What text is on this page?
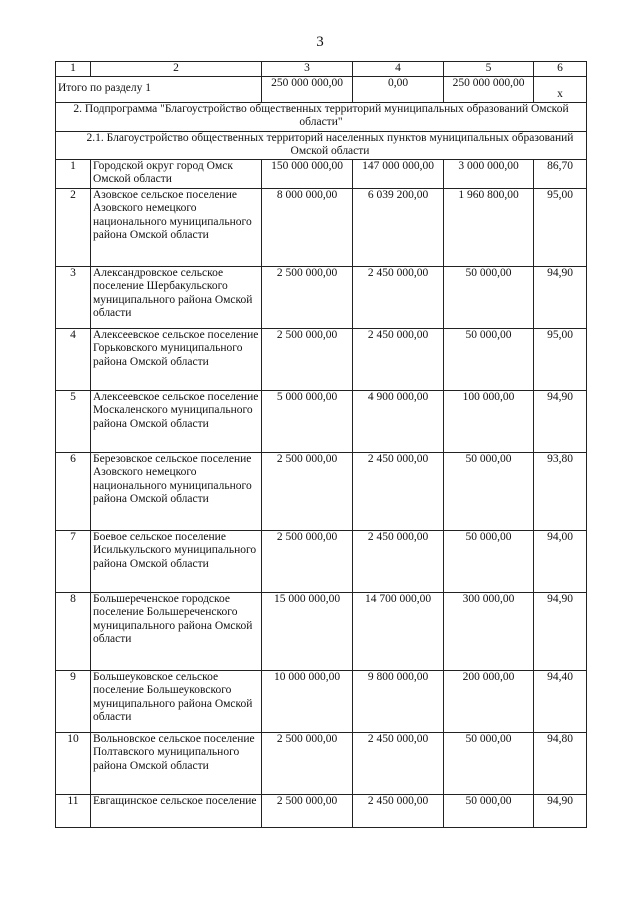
3
1	2	3	4	5	6
Итого по разделу 1		250 000 000,00	0,00	250 000 000,00	х
2. Подпрограмма "Благоустройство общественных территорий муниципальных образований Омской области"					
2.1. Благоустройство общественных территорий населенных пунктов муниципальных образований Омской области					
1	Городской округ город Омск Омской области	150 000 000,00	147 000 000,00	3 000 000,00	86,70
2	Азовское сельское поселение Азовского немецкого национального муниципального района Омской области	8 000 000,00	6 039 200,00	1 960 800,00	95,00
3	Александровское сельское поселение Шербакульского муниципального района Омской области	2 500 000,00	2 450 000,00	50 000,00	94,90
4	Алексеевское сельское поселение Горьковского муниципального района Омской области	2 500 000,00	2 450 000,00	50 000,00	95,00
5	Алексеевское сельское поселение Москаленского муниципального района Омской области	5 000 000,00	4 900 000,00	100 000,00	94,90
6	Березовское сельское поселение Азовского немецкого национального муниципального района Омской области	2 500 000,00	2 450 000,00	50 000,00	93,80
7	Боевое сельское поселение Исилькульского муниципального района Омской области	2 500 000,00	2 450 000,00	50 000,00	94,00
8	Большереченское городское поселение Большереченского муниципального района Омской области	15 000 000,00	14 700 000,00	300 000,00	94,90
9	Большеуковское сельское поселение Большеуковского муниципального района Омской области	10 000 000,00	9 800 000,00	200 000,00	94,40
10	Вольновское сельское поселение Полтавского муниципального района Омской области	2 500 000,00	2 450 000,00	50 000,00	94,80
11	Евгащинское сельское поселение	2 500 000,00	2 450 000,00	50 000,00	94,90
